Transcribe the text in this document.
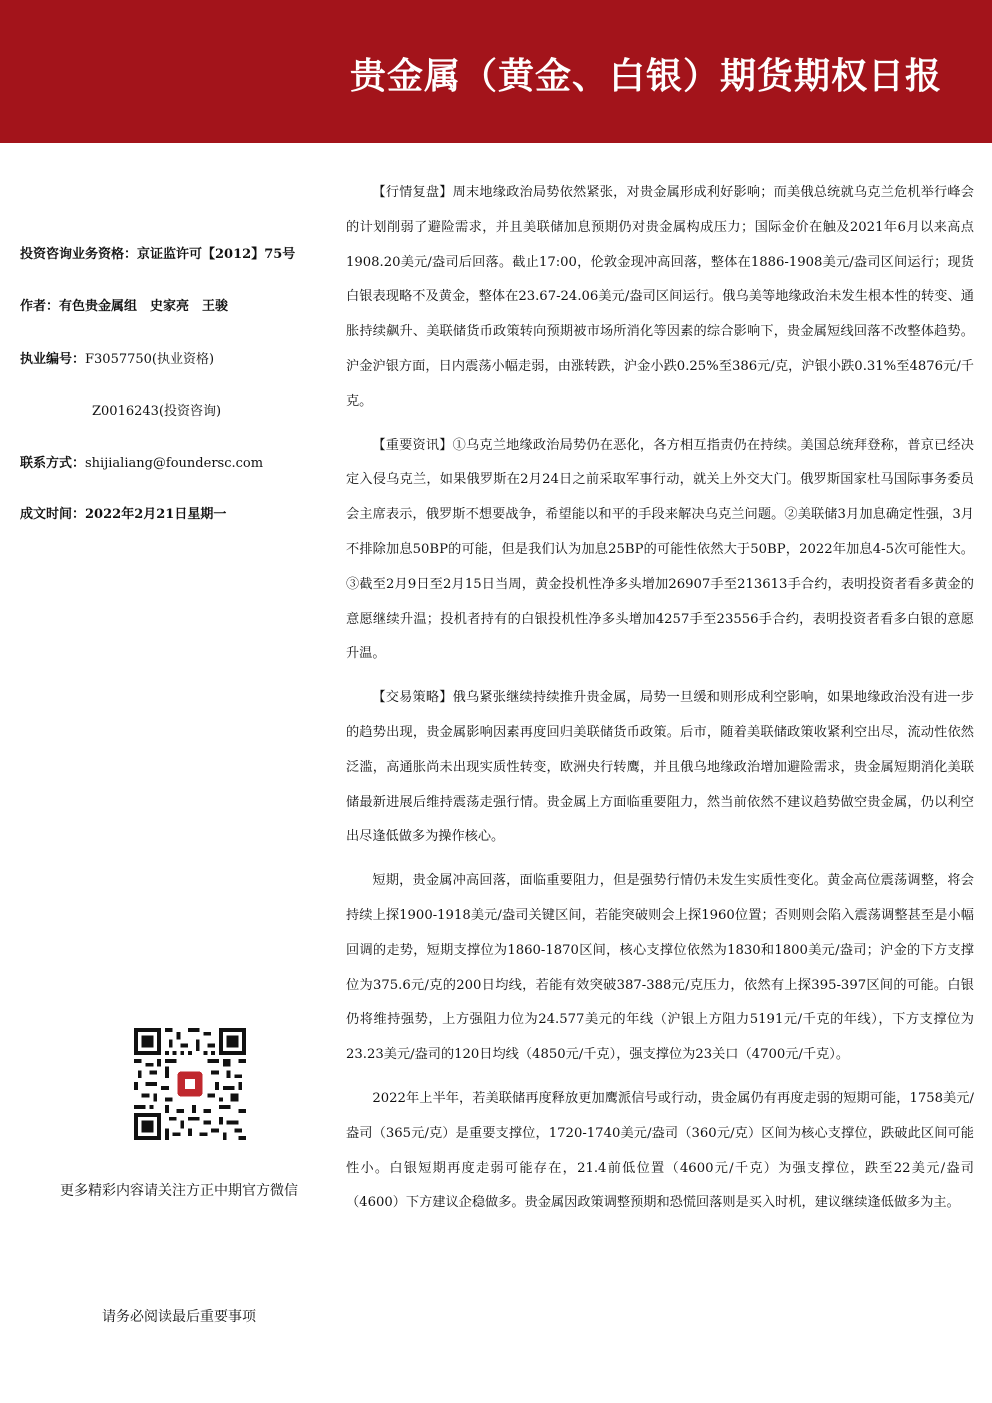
贵金属（黄金、白银）期货期权日报
投资咨询业务资格：京证监许可【2012】75号
作者：有色贵金属组　史家亮　王骏
执业编号：F3057750(执业资格)
Z0016243(投资咨询)
联系方式：shijialiang@foundersc.com
成文时间：2022年2月21日星期一
更多精彩内容请关注方正中期官方微信
请务必阅读最后重要事项

【行情复盘】周末地缘政治局势依然紧张，对贵金属形成利好影响；而美俄总统就乌克兰危机举行峰会的计划削弱了避险需求，并且美联储加息预期仍对贵金属构成压力；国际金价在触及2021年6月以来高点1908.20美元/盎司后回落。截止17:00，伦敦金现冲高回落，整体在1886-1908美元/盎司区间运行；现货白银表现略不及黄金，整体在23.67-24.06美元/盎司区间运行。俄乌美等地缘政治未发生根本性的转变、通胀持续飙升、美联储货币政策转向预期被市场所消化等因素的综合影响下，贵金属短线回落不改整体趋势。沪金沪银方面，日内震荡小幅走弱，由涨转跌，沪金小跌0.25%至386元/克，沪银小跌0.31%至4876元/千克。

【重要资讯】①乌克兰地缘政治局势仍在恶化，各方相互指责仍在持续。美国总统拜登称，普京已经决定入侵乌克兰，如果俄罗斯在2月24日之前采取军事行动，就关上外交大门。俄罗斯国家杜马国际事务委员会主席表示，俄罗斯不想要战争，希望能以和平的手段来解决乌克兰问题。②美联储3月加息确定性强，3月不排除加息50BP的可能，但是我们认为加息25BP的可能性依然大于50BP，2022年加息4-5次可能性大。③截至2月9日至2月15日当周，黄金投机性净多头增加26907手至213613手合约，表明投资者看多黄金的意愿继续升温；投机者持有的白银投机性净多头增加4257手至23556手合约，表明投资者看多白银的意愿升温。

【交易策略】俄乌紧张继续持续推升贵金属，局势一旦缓和则形成利空影响，如果地缘政治没有进一步的趋势出现，贵金属影响因素再度回归美联储货币政策。后市，随着美联储政策收紧利空出尽，流动性依然泛滥，高通胀尚未出现实质性转变，欧洲央行转鹰，并且俄乌地缘政治增加避险需求，贵金属短期消化美联储最新进展后维持震荡走强行情。贵金属上方面临重要阻力，然当前依然不建议趋势做空贵金属，仍以利空出尽逢低做多为操作核心。

短期，贵金属冲高回落，面临重要阻力，但是强势行情仍未发生实质性变化。黄金高位震荡调整，将会持续上探1900-1918美元/盎司关键区间，若能突破则会上探1960位置；否则则会陷入震荡调整甚至是小幅回调的走势，短期支撑位为1860-1870区间，核心支撑位依然为1830和1800美元/盎司；沪金的下方支撑位为375.6元/克的200日均线，若能有效突破387-388元/克压力，依然有上探395-397区间的可能。白银仍将维持强势，上方强阻力位为24.577美元的年线（沪银上方阻力5191元/千克的年线），下方支撑位为23.23美元/盎司的120日均线（4850元/千克），强支撑位为23关口（4700元/千克）。

2022年上半年，若美联储再度释放更加鹰派信号或行动，贵金属仍有再度走弱的短期可能，1758美元/盎司（365元/克）是重要支撑位，1720-1740美元/盎司（360元/克）区间为核心支撑位，跌破此区间可能性小。白银短期再度走弱可能存在，21.4前低位置（4600元/千克）为强支撑位，跌至22美元/盎司（4600）下方建议企稳做多。贵金属因政策调整预期和恐慌回落则是买入时机，建议继续逢低做多为主。
